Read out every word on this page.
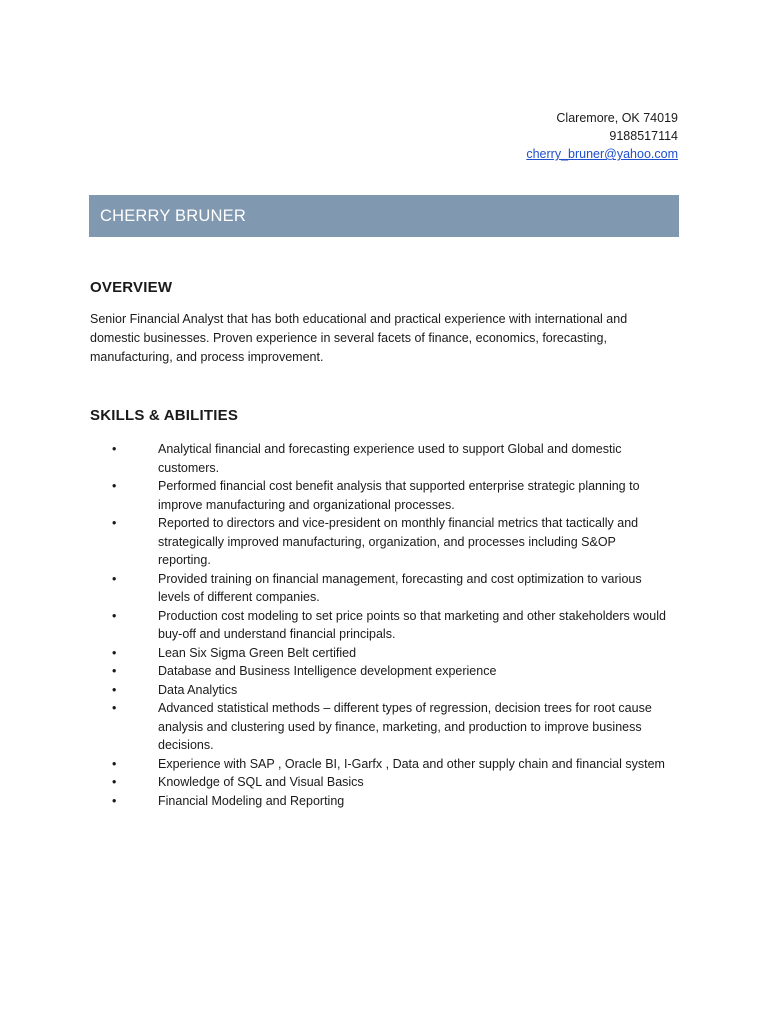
Claremore, OK 74019
9188517114
cherry_bruner@yahoo.com
CHERRY BRUNER
OVERVIEW

Senior Financial Analyst that has both educational and practical experience with international and domestic businesses. Proven experience in several facets of finance, economics, forecasting, manufacturing, and process improvement.

SKILLS & ABILITIES
•	Analytical financial and forecasting experience used to support Global and domestic customers.
•	Performed financial cost benefit analysis that supported enterprise strategic planning to improve manufacturing and organizational processes.
•	Reported to directors and vice-president on monthly financial metrics that tactically and strategically improved manufacturing, organization, and processes including S&OP reporting.
•	Provided training on financial management, forecasting and cost optimization to various levels of different companies.
•	Production cost modeling to set price points so that marketing and other stakeholders would buy-off and understand financial principals.
•	Lean Six Sigma Green Belt certified
•	Database and Business Intelligence development experience
•	Data Analytics
•	Advanced statistical methods – different types of regression, decision trees for root cause analysis and clustering used by finance, marketing, and production to improve business decisions.
•	Experience with SAP , Oracle BI, I-Garfx , Data and other supply chain and financial system
•	Knowledge of SQL and Visual Basics
•	Financial Modeling and Reporting
